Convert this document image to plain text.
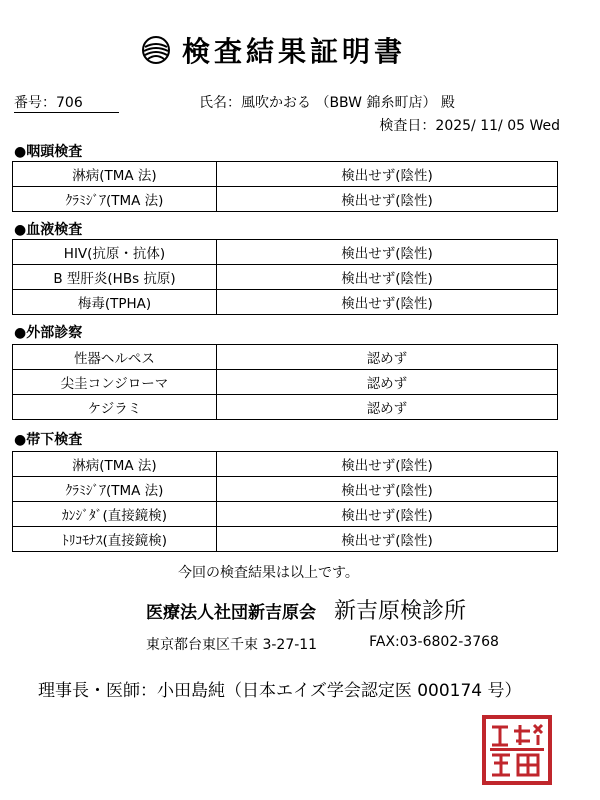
検査結果証明書
番号：706	氏名：風吹かおる （BBW 錦糸町店） 殿
検査日：2025/ 11/ 05 Wed
●咽頭検査
淋病(TMA 法)	検出せず(陰性)
ｸﾗﾐｼﾞｱ(TMA 法)	検出せず(陰性)
●血液検査
HIV(抗原・抗体)	検出せず(陰性)
B 型肝炎(HBs 抗原)	検出せず(陰性)
梅毒(TPHA)	検出せず(陰性)
●外部診察
性器ヘルペス	認めず
尖圭コンジローマ	認めず
ケジラミ	認めず
●帯下検査
淋病(TMA 法)	検出せず(陰性)
ｸﾗﾐｼﾞｱ(TMA 法)	検出せず(陰性)
ｶﾝｼﾞﾀﾞ(直接鏡検)	検出せず(陰性)
ﾄﾘｺﾓﾅｽ(直接鏡検)	検出せず(陰性)
今回の検査結果は以上です。
医療法人社団新吉原会 新吉原検診所
東京都台東区千束 3-27-11	FAX:03-6802-3768
理事長・医師：小田島純（日本エイズ学会認定医 000174 号）
